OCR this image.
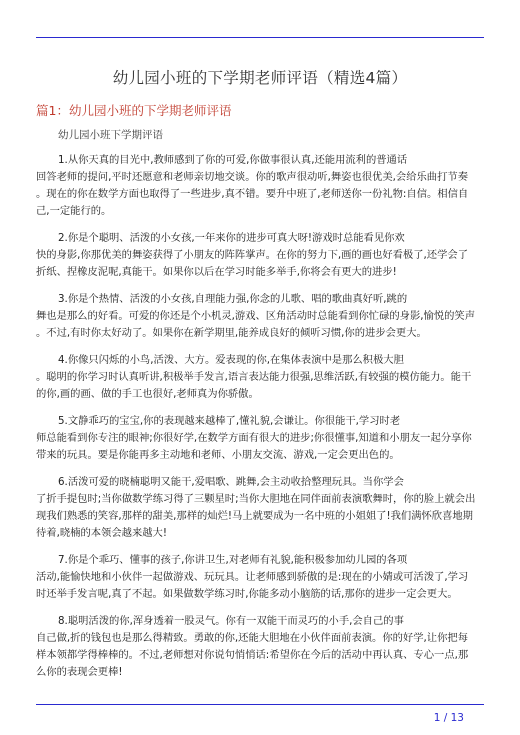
幼儿园小班的下学期老师评语（精选4篇）
篇1：幼儿园小班的下学期老师评语
幼儿园小班下学期评语
1.从你天真的目光中,教师感到了你的可爱,你做事很认真,还能用流利的普通话
回答老师的提问,平时还愿意和老师亲切地交谈。你的歌声很动听,舞姿也很优美,会给乐曲打节奏
。现在的你在数学方面也取得了一些进步,真不错。要升中班了,老师送你一份礼物:自信。相信自
己,一定能行的。
2.你是个聪明、活泼的小女孩,一年来你的进步可真大呀!游戏时总能看见你欢
快的身影,你那优美的舞姿获得了小朋友的阵阵掌声。在你的努力下,画的画也好看极了,还学会了
折纸、捏橡皮泥呢,真能干。如果你以后在学习时能多举手,你将会有更大的进步!
3.你是个热情、活泼的小女孩,自理能力强,你念的儿歌、唱的歌曲真好听,跳的
舞也是那么的好看。可爱的你还是个小机灵,游戏、区角活动时总能看到你忙碌的身影,愉悦的笑声
。不过,有时你太好动了。如果你在新学期里,能养成良好的倾听习惯,你的进步会更大。
4.你像只闪烁的小鸟,活泼、大方。爱表现的你,在集体表演中是那么积极大胆
。聪明的你学习时认真听讲,积极举手发言,语言表达能力很强,思维活跃,有较强的模仿能力。能干
的你,画的画、做的手工也很好,老师真为你骄傲。
5.文静乖巧的宝宝,你的表现越来越棒了,懂礼貌,会谦让。你很能干,学习时老
师总能看到你专注的眼神;你很好学,在数学方面有很大的进步;你很懂事,知道和小朋友一起分享你
带来的玩具。要是你能再多主动地和老师、小朋友交流、游戏,一定会更出色的。
6.活泼可爱的晓楠聪明又能干,爱唱歌、跳舞,会主动收拾整理玩具。当你学会
了折手提包时;当你做数学练习得了三颗星时;当你大胆地在同伴面前表演歌舞时，你的脸上就会出
现我们熟悉的笑容,那样的甜美,那样的灿烂!马上就要成为一名中班的小姐姐了!我们满怀欣喜地期
待着,晓楠的本领会越来越大!
7.你是个乖巧、懂事的孩子,你讲卫生,对老师有礼貌,能积极参加幼儿园的各项
活动,能愉快地和小伙伴一起做游戏、玩玩具。让老师感到骄傲的是:现在的小婧或可活泼了,学习
时还举手发言呢,真了不起。如果做数学练习时,你能多动小脑筋的话,那你的进步一定会更大。
8.聪明活泼的你,浑身透着一股灵气。你有一双能干而灵巧的小手,会自己的事
自己做,折的钱包也是那么得精致。勇敢的你,还能大胆地在小伙伴面前表演。你的好学,让你把每
样本领都学得棒棒的。不过,老师想对你说句悄悄话:希望你在今后的活动中再认真、专心一点,那
么你的表现会更棒!
1 / 13
